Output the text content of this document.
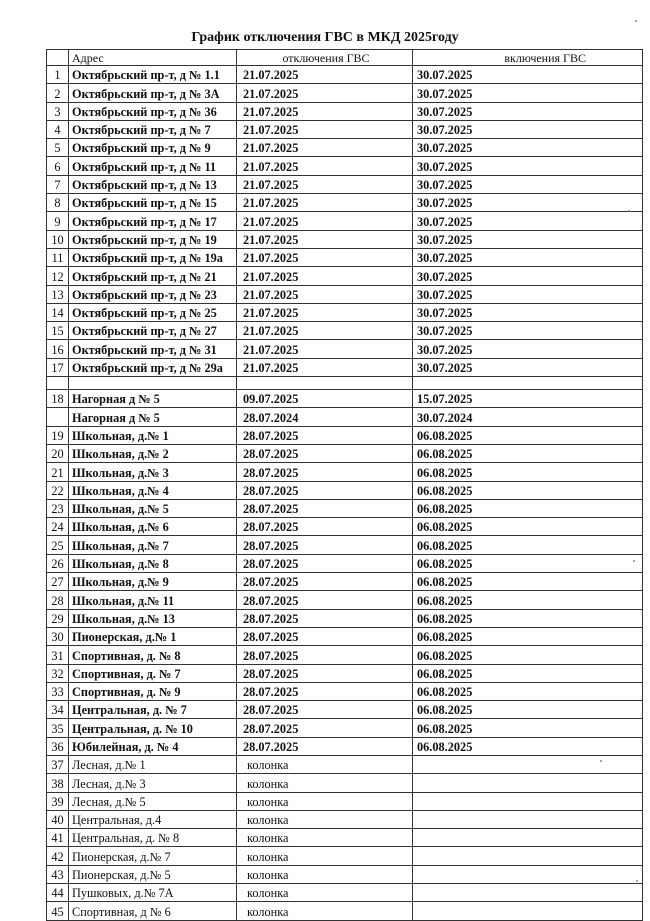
График отключения ГВС в МКД 2025году
	Адрес	отключения ГВС	включения ГВС
1	Октябрьский пр-т, д № 1.1	21.07.2025	30.07.2025
2	Октябрьский пр-т, д № 3А	21.07.2025	30.07.2025
3	Октябрьский пр-т, д № 36	21.07.2025	30.07.2025
4	Октябрьский пр-т, д № 7	21.07.2025	30.07.2025
5	Октябрьский пр-т, д № 9	21.07.2025	30.07.2025
6	Октябрьский пр-т, д № 11	21.07.2025	30.07.2025
7	Октябрьский пр-т, д № 13	21.07.2025	30.07.2025
8	Октябрьский пр-т, д № 15	21.07.2025	30.07.2025
9	Октябрьский пр-т, д № 17	21.07.2025	30.07.2025
10	Октябрьский пр-т, д № 19	21.07.2025	30.07.2025
11	Октябрьский пр-т, д № 19а	21.07.2025	30.07.2025
12	Октябрьский пр-т, д № 21	21.07.2025	30.07.2025
13	Октябрьский пр-т, д № 23	21.07.2025	30.07.2025
14	Октябрьский пр-т, д № 25	21.07.2025	30.07.2025
15	Октябрьский пр-т, д № 27	21.07.2025	30.07.2025
16	Октябрьский пр-т, д № 31	21.07.2025	30.07.2025
17	Октябрьский пр-т, д № 29а	21.07.2025	30.07.2025

18	Нагорная д № 5	09.07.2025	15.07.2025
	Нагорная д № 5	28.07.2024	30.07.2024
19	Школьная, д.№ 1	28.07.2025	06.08.2025
20	Школьная, д.№ 2	28.07.2025	06.08.2025
21	Школьная, д.№ 3	28.07.2025	06.08.2025
22	Школьная, д.№ 4	28.07.2025	06.08.2025
23	Школьная, д.№ 5	28.07.2025	06.08.2025
24	Школьная, д.№ 6	28.07.2025	06.08.2025
25	Школьная, д.№ 7	28.07.2025	06.08.2025
26	Школьная, д.№ 8	28.07.2025	06.08.2025
27	Школьная, д.№ 9	28.07.2025	06.08.2025
28	Школьная, д.№ 11	28.07.2025	06.08.2025
29	Школьная, д.№ 13	28.07.2025	06.08.2025
30	Пионерская, д.№ 1	28.07.2025	06.08.2025
31	Спортивная, д. № 8	28.07.2025	06.08.2025
32	Спортивная, д. № 7	28.07.2025	06.08.2025
33	Спортивная, д. № 9	28.07.2025	06.08.2025
34	Центральная, д. № 7	28.07.2025	06.08.2025
35	Центральная, д. № 10	28.07.2025	06.08.2025
36	Юбилейная, д. № 4	28.07.2025	06.08.2025
37	Лесная, д.№ 1	колонка	
38	Лесная, д.№ 3	колонка	
39	Лесная, д.№ 5	колонка	
40	Центральная, д.4	колонка	
41	Центральная, д. № 8	колонка	
42	Пионерская, д.№ 7	колонка	
43	Пионерская, д.№ 5	колонка	
44	Пушковых, д.№ 7А	колонка	
45	Спортивная, д № 6	колонка	
